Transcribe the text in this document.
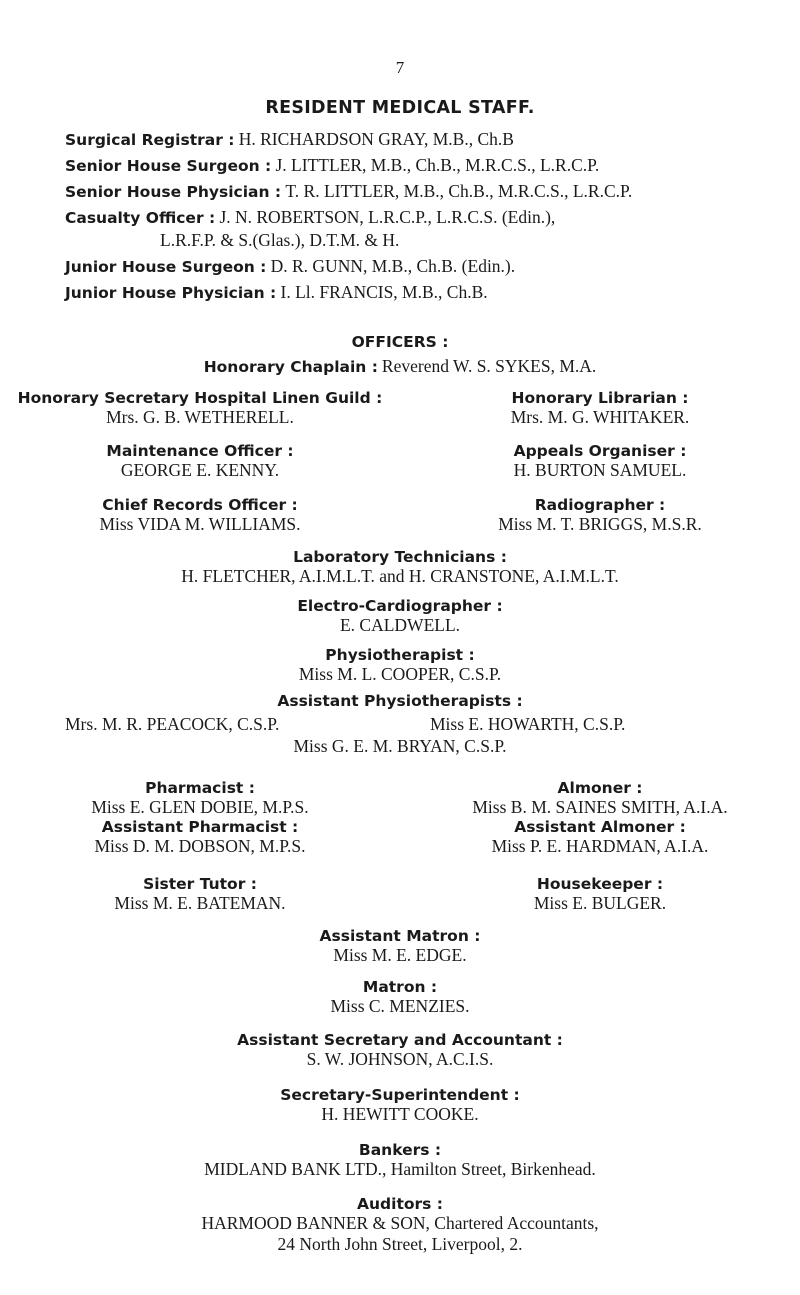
7
RESIDENT MEDICAL STAFF.
Surgical Registrar : H. RICHARDSON GRAY, M.B., Ch.B
Senior House Surgeon : J. LITTLER, M.B., Ch.B., M.R.C.S., L.R.C.P.
Senior House Physician : T. R. LITTLER, M.B., Ch.B., M.R.C.S., L.R.C.P.
Casualty Officer : J. N. ROBERTSON, L.R.C.P., L.R.C.S. (Edin.),
L.R.F.P. & S.(Glas.), D.T.M. & H.
Junior House Surgeon : D. R. GUNN, M.B., Ch.B. (Edin.).
Junior House Physician : I. Ll. FRANCIS, M.B., Ch.B.
OFFICERS :
Honorary Chaplain : Reverend W. S. SYKES, M.A.
Honorary Secretary Hospital Linen Guild :
Mrs. G. B. WETHERELL.
Honorary Librarian :
Mrs. M. G. WHITAKER.
Maintenance Officer :
GEORGE E. KENNY.
Appeals Organiser :
H. BURTON SAMUEL.
Chief Records Officer :
Miss VIDA M. WILLIAMS.
Radiographer :
Miss M. T. BRIGGS, M.S.R.
Laboratory Technicians :
H. FLETCHER, A.I.M.L.T. and H. CRANSTONE, A.I.M.L.T.
Electro-Cardiographer :
E. CALDWELL.
Physiotherapist :
Miss M. L. COOPER, C.S.P.
Assistant Physiotherapists :
Mrs. M. R. PEACOCK, C.S.P.	Miss E. HOWARTH, C.S.P.
Miss G. E. M. BRYAN, C.S.P.
Pharmacist :
Miss E. GLEN DOBIE, M.P.S.
Assistant Pharmacist :
Miss D. M. DOBSON, M.P.S.
Almoner :
Miss B. M. SAINES SMITH, A.I.A.
Assistant Almoner :
Miss P. E. HARDMAN, A.I.A.
Sister Tutor :
Miss M. E. BATEMAN.
Housekeeper :
Miss E. BULGER.
Assistant Matron :
Miss M. E. EDGE.
Matron :
Miss C. MENZIES.
Assistant Secretary and Accountant :
S. W. JOHNSON, A.C.I.S.
Secretary-Superintendent :
H. HEWITT COOKE.
Bankers :
MIDLAND BANK LTD., Hamilton Street, Birkenhead.
Auditors :
HARMOOD BANNER & SON, Chartered Accountants,
24 North John Street, Liverpool, 2.
